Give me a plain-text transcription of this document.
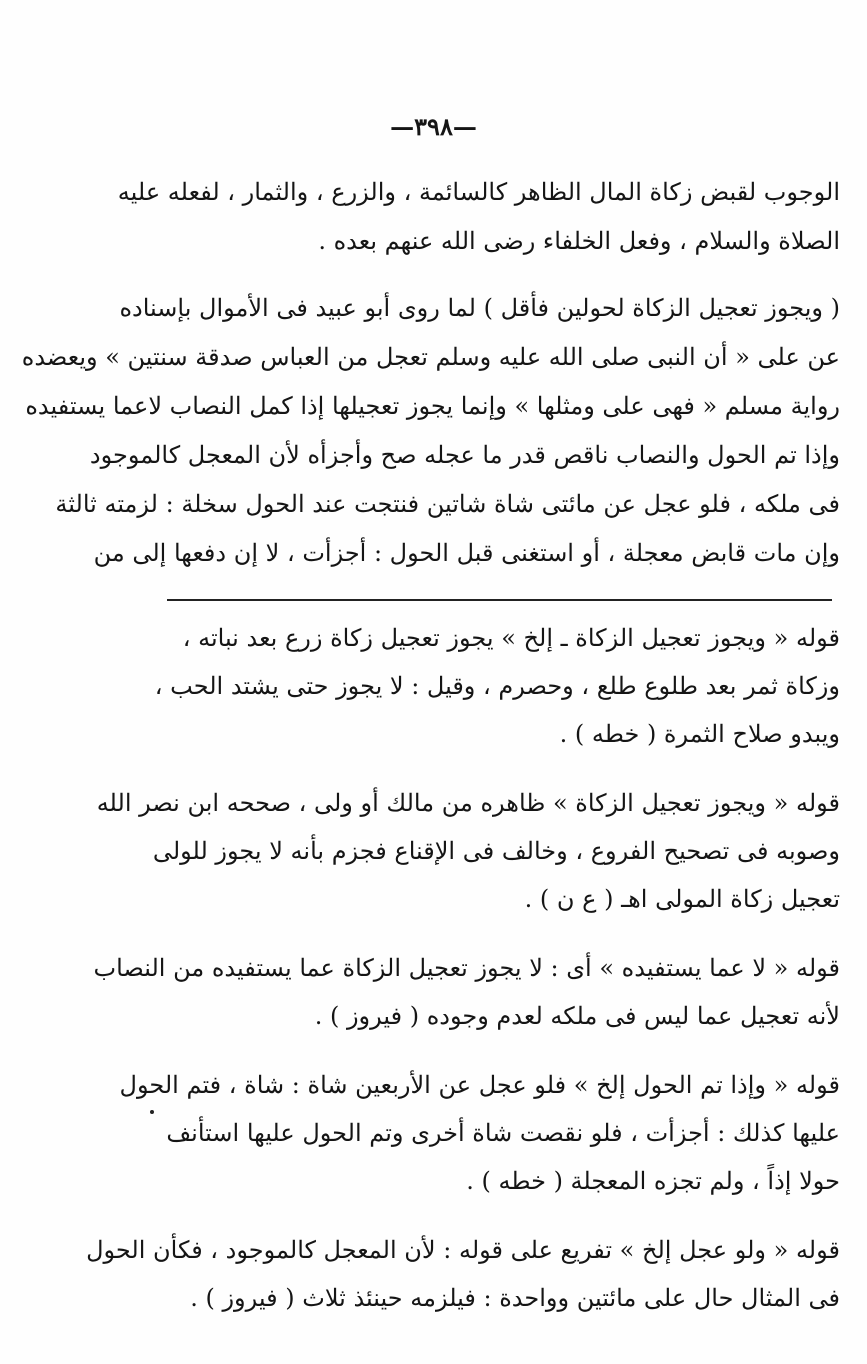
—٣٩٨—
الوجوب لقبض زكاة المال الظاهر كالسائمة ، والزرع ، والثمار ، لفعله عليه
الصلاة والسلام ، وفعل الخلفاء رضى الله عنهم بعده .
( ويجوز تعجيل الزكاة لحولين فأقل ) لما روى أبو عبيد فى الأموال بإسناده
عن على « أن النبى صلى الله عليه وسلم تعجل من العباس صدقة سنتين » ويعضده
رواية مسلم « فهى على ومثلها » وإنما يجوز تعجيلها إذا كمل النصاب لاعما يستفيده
وإذا تم الحول والنصاب ناقص قدر ما عجله صح وأجزأه لأن المعجل كالموجود
فى ملكه ، فلو عجل عن مائتى شاة شاتين فنتجت عند الحول سخلة : لزمته ثالثة
وإن مات قابض معجلة ، أو استغنى قبل الحول : أجزأت ، لا إن دفعها إلى من
قوله « ويجوز تعجيل الزكاة ـ إلخ » يجوز تعجيل زكاة زرع بعد نباته ،
وزكاة ثمر بعد طلوع طلع ، وحصرم ، وقيل : لا يجوز حتى يشتد الحب ،
ويبدو صلاح الثمرة ( خطه ) .
قوله « ويجوز تعجيل الزكاة » ظاهره من مالك أو ولى ، صححه ابن نصر الله
وصوبه فى تصحيح الفروع ، وخالف فى الإقناع فجزم بأنه لا يجوز للولى
تعجيل زكاة المولى اهـ ( ع ن ) .
قوله « لا عما يستفيده » أى : لا يجوز تعجيل الزكاة عما يستفيده من النصاب
لأنه تعجيل عما ليس فى ملكه لعدم وجوده ( فيروز ) .
قوله « وإذا تم الحول إلخ » فلو عجل عن الأربعين شاة : شاة ، فتم الحول
عليها كذلك : أجزأت ، فلو نقصت شاة أخرى وتم الحول عليها استأنف
حولا إذاً ، ولم تجزه المعجلة ( خطه ) .
قوله « ولو عجل إلخ » تفريع على قوله : لأن المعجل كالموجود ، فكأن الحول
فى المثال حال على مائتين وواحدة : فيلزمه حينئذ ثلاث ( فيروز ) .
